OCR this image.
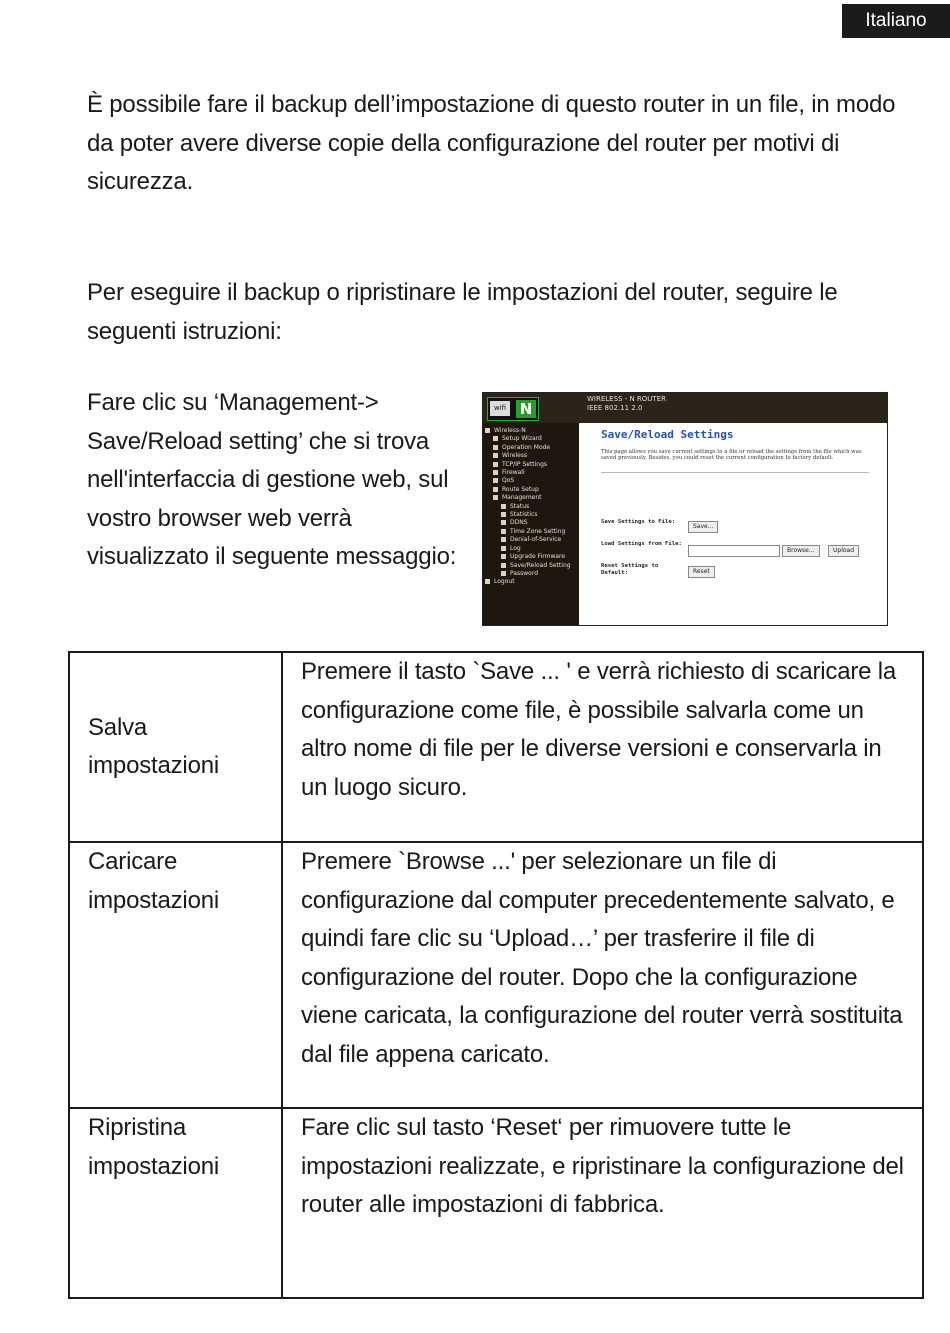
Italiano

È possibile fare il backup dell’impostazione di questo router in un file, in modo da poter avere diverse copie della configurazione del router per motivi di sicurezza.

Per eseguire il backup o ripristinare le impostazioni del router, seguire le seguenti istruzioni:

Fare clic su ‘Management-> Save/Reload setting’ che si trova nell'interfaccia di gestione web, sul vostro browser web verrà visualizzato il seguente messaggio:

wifi N
WIRELESS - N ROUTER
IEEE 802.11 2.0
Wireless-N
Setup Wizard
Operation Mode
Wireless
TCP/IP Settings
Firewall
QoS
Route Setup
Management
Status
Statistics
DDNS
Time Zone Setting
Denial-of-Service
Log
Upgrade Firmware
Save/Reload Setting
Password
Logout
Save/Reload Settings
This page allows you save current settings to a file or reload the settings from the file which was saved previously. Besides, you could reset the current configuration to factory default.
Save Settings to File:
Save...
Load Settings from File:
Browse...	Upload
Reset Settings to Default:	Reset
Salva impostazioni	Premere il tasto `Save ... ' e verrà richiesto di scaricare la configurazione come file, è possibile salvarla come un altro nome di file per le diverse versioni e conservarla in un luogo sicuro.

Caricare impostazioni	Premere `Browse ...' per selezionare un file di configurazione dal computer precedentemente salvato, e quindi fare clic su ‘Upload…’ per trasferire il file di configurazione del router. Dopo che la configurazione viene caricata, la configurazione del router verrà sostituita dal file appena caricato.

Ripristina impostazioni	Fare clic sul tasto ‘Reset‘ per rimuovere tutte le impostazioni realizzate, e ripristinare la configurazione del router alle impostazioni di fabbrica.
